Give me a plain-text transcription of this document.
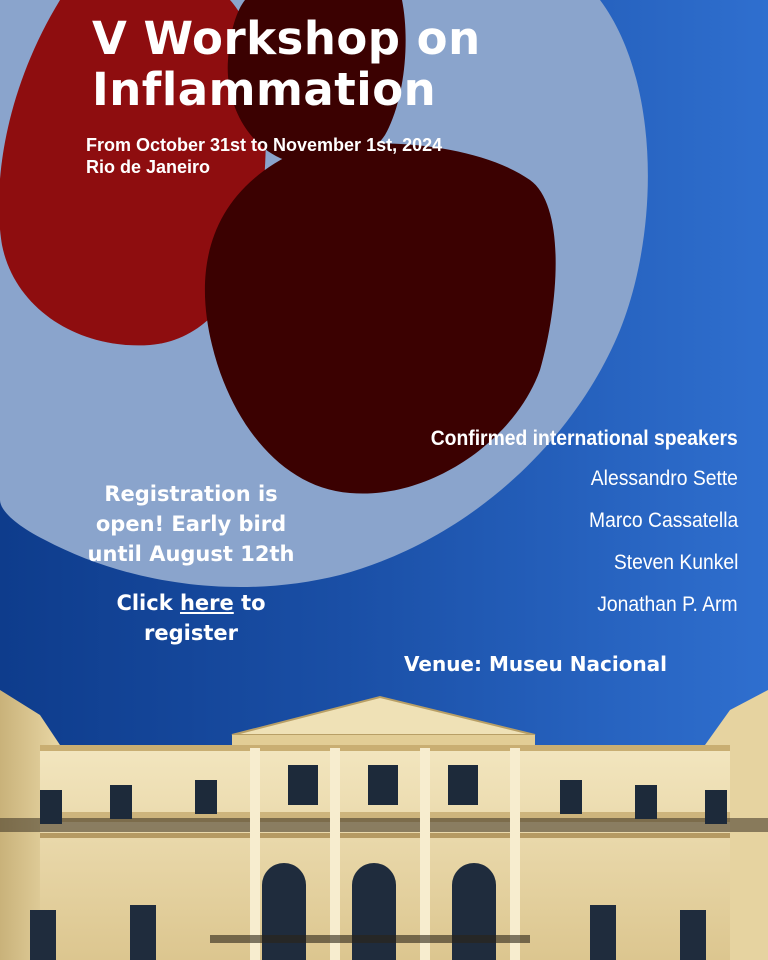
V Workshop on
Inflammation
From October 31st to November 1st, 2024
Rio de Janeiro
Confirmed international speakers
Alessandro Sette
Marco Cassatella
Steven Kunkel
Jonathan P. Arm
Registration is
open! Early bird
until August 12th
Click here to
register
Venue: Museu Nacional
